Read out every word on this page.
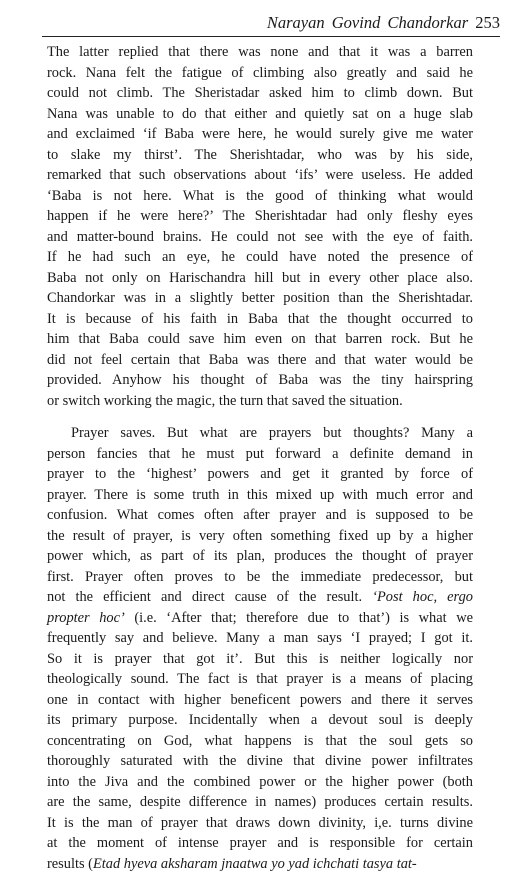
Narayan Govind Chandorkar 253
The latter replied that there was none and that it was a barren
rock. Nana felt the fatigue of climbing also greatly and said he
could not climb. The Sheristadar asked him to climb down. But
Nana was unable to do that either and quietly sat on a huge slab
and exclaimed ‘if Baba were here, he would surely give me water
to slake my thirst’. The Sherishtadar, who was by his side,
remarked that such observations about ‘ifs’ were useless. He added
‘Baba is not here. What is the good of thinking what would
happen if he were here?’ The Sherishtadar had only fleshy eyes
and matter-bound brains. He could not see with the eye of faith.
If he had such an eye, he could have noted the presence of
Baba not only on Harischandra hill but in every other place also.
Chandorkar was in a slightly better position than the Sherishtadar.
It is because of his faith in Baba that the thought occurred to
him that Baba could save him even on that barren rock. But he
did not feel certain that Baba was there and that water would be
provided. Anyhow his thought of Baba was the tiny hairspring
or switch working the magic, the turn that saved the situation.
Prayer saves. But what are prayers but thoughts? Many a
person fancies that he must put forward a definite demand in
prayer to the ‘highest’ powers and get it granted by force of
prayer. There is some truth in this mixed up with much error and
confusion. What comes often after prayer and is supposed to be
the result of prayer, is very often something fixed up by a higher
power which, as part of its plan, produces the thought of prayer
first. Prayer often proves to be the immediate predecessor, but
not the efficient and direct cause of the result. ‘Post hoc, ergo
propter hoc’ (i.e. ‘After that; therefore due to that’) is what we
frequently say and believe. Many a man says ‘I prayed; I got it.
So it is prayer that got it’. But this is neither logically nor
theologically sound. The fact is that prayer is a means of placing
one in contact with higher beneficent powers and there it serves
its primary purpose. Incidentally when a devout soul is deeply
concentrating on God, what happens is that the soul gets so
thoroughly saturated with the divine that divine power infiltrates
into the Jiva and the combined power or the higher power (both
are the same, despite difference in names) produces certain results.
It is the man of prayer that draws down divinity, i,e. turns divine
at the moment of intense prayer and is responsible for certain
results (Etad hyeva aksharam jnaatwa yo yad ichchati tasya tat-
